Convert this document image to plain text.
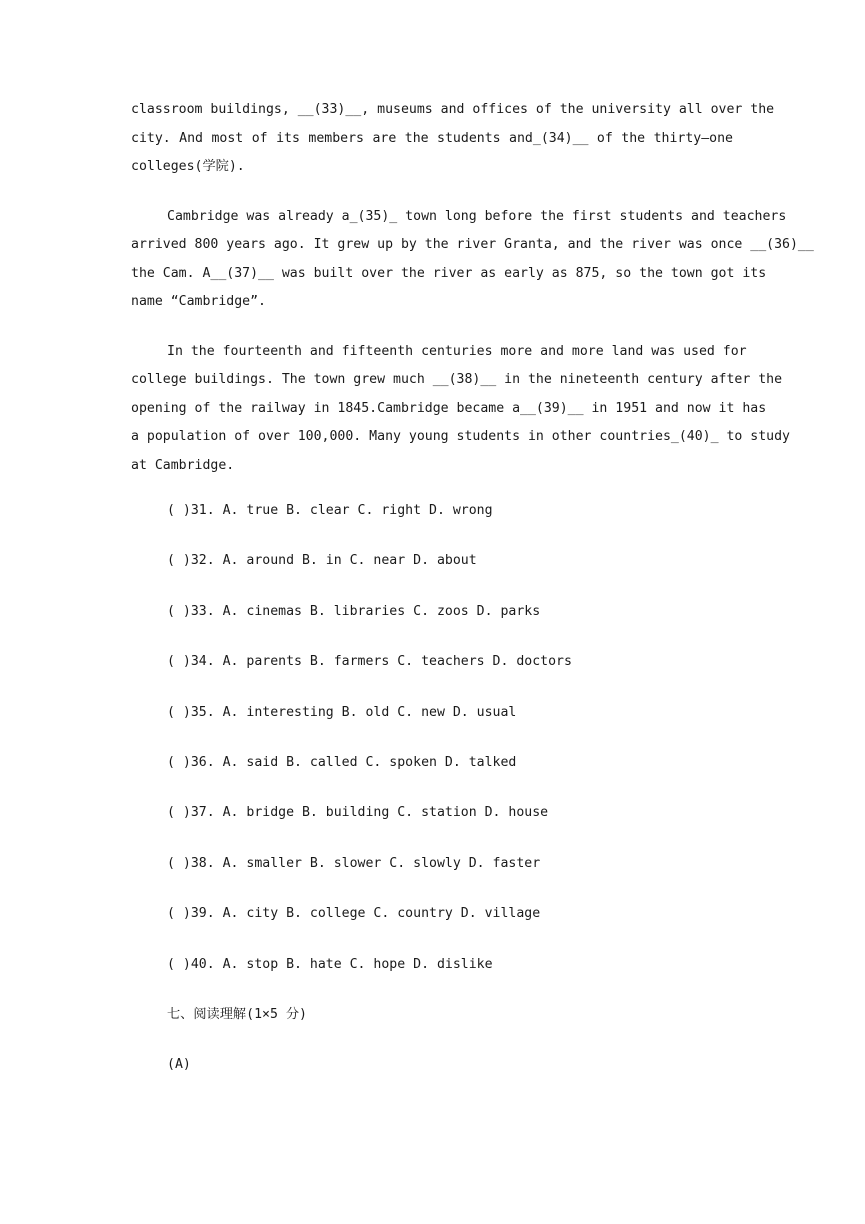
classroom buildings, __(33)__, museums and offices of the university all over the
city. And most of its members are the students and_(34)__ of the thirty—one
colleges(学院).
Cambridge was already a_(35)_ town long before the first students and teachers
arrived 800 years ago. It grew up by the river Granta, and the river was once __(36)__
the Cam. A__(37)__ was built over the river as early as 875, so the town got its
name “Cambridge”.
In the fourteenth and fifteenth centuries more and more land was used for
college buildings. The town grew much __(38)__ in the nineteenth century after the
opening of the railway in 1845.Cambridge became a__(39)__ in 1951 and now it has
a population of over 100,000. Many young students in other countries_(40)_ to study
at Cambridge.
( )31. A. true B. clear C. right D. wrong
( )32. A. around B. in C. near D. about
( )33. A. cinemas B. libraries C. zoos D. parks
( )34. A. parents B. farmers C. teachers D. doctors
( )35. A. interesting B. old C. new D. usual
( )36. A. said B. called C. spoken D. talked
( )37. A. bridge B. building C. station D. house
( )38. A. smaller B. slower C. slowly D. faster
( )39. A. city B. college C. country D. village
( )40. A. stop B. hate C. hope D. dislike
七、阅读理解(1×5 分)
(A)
